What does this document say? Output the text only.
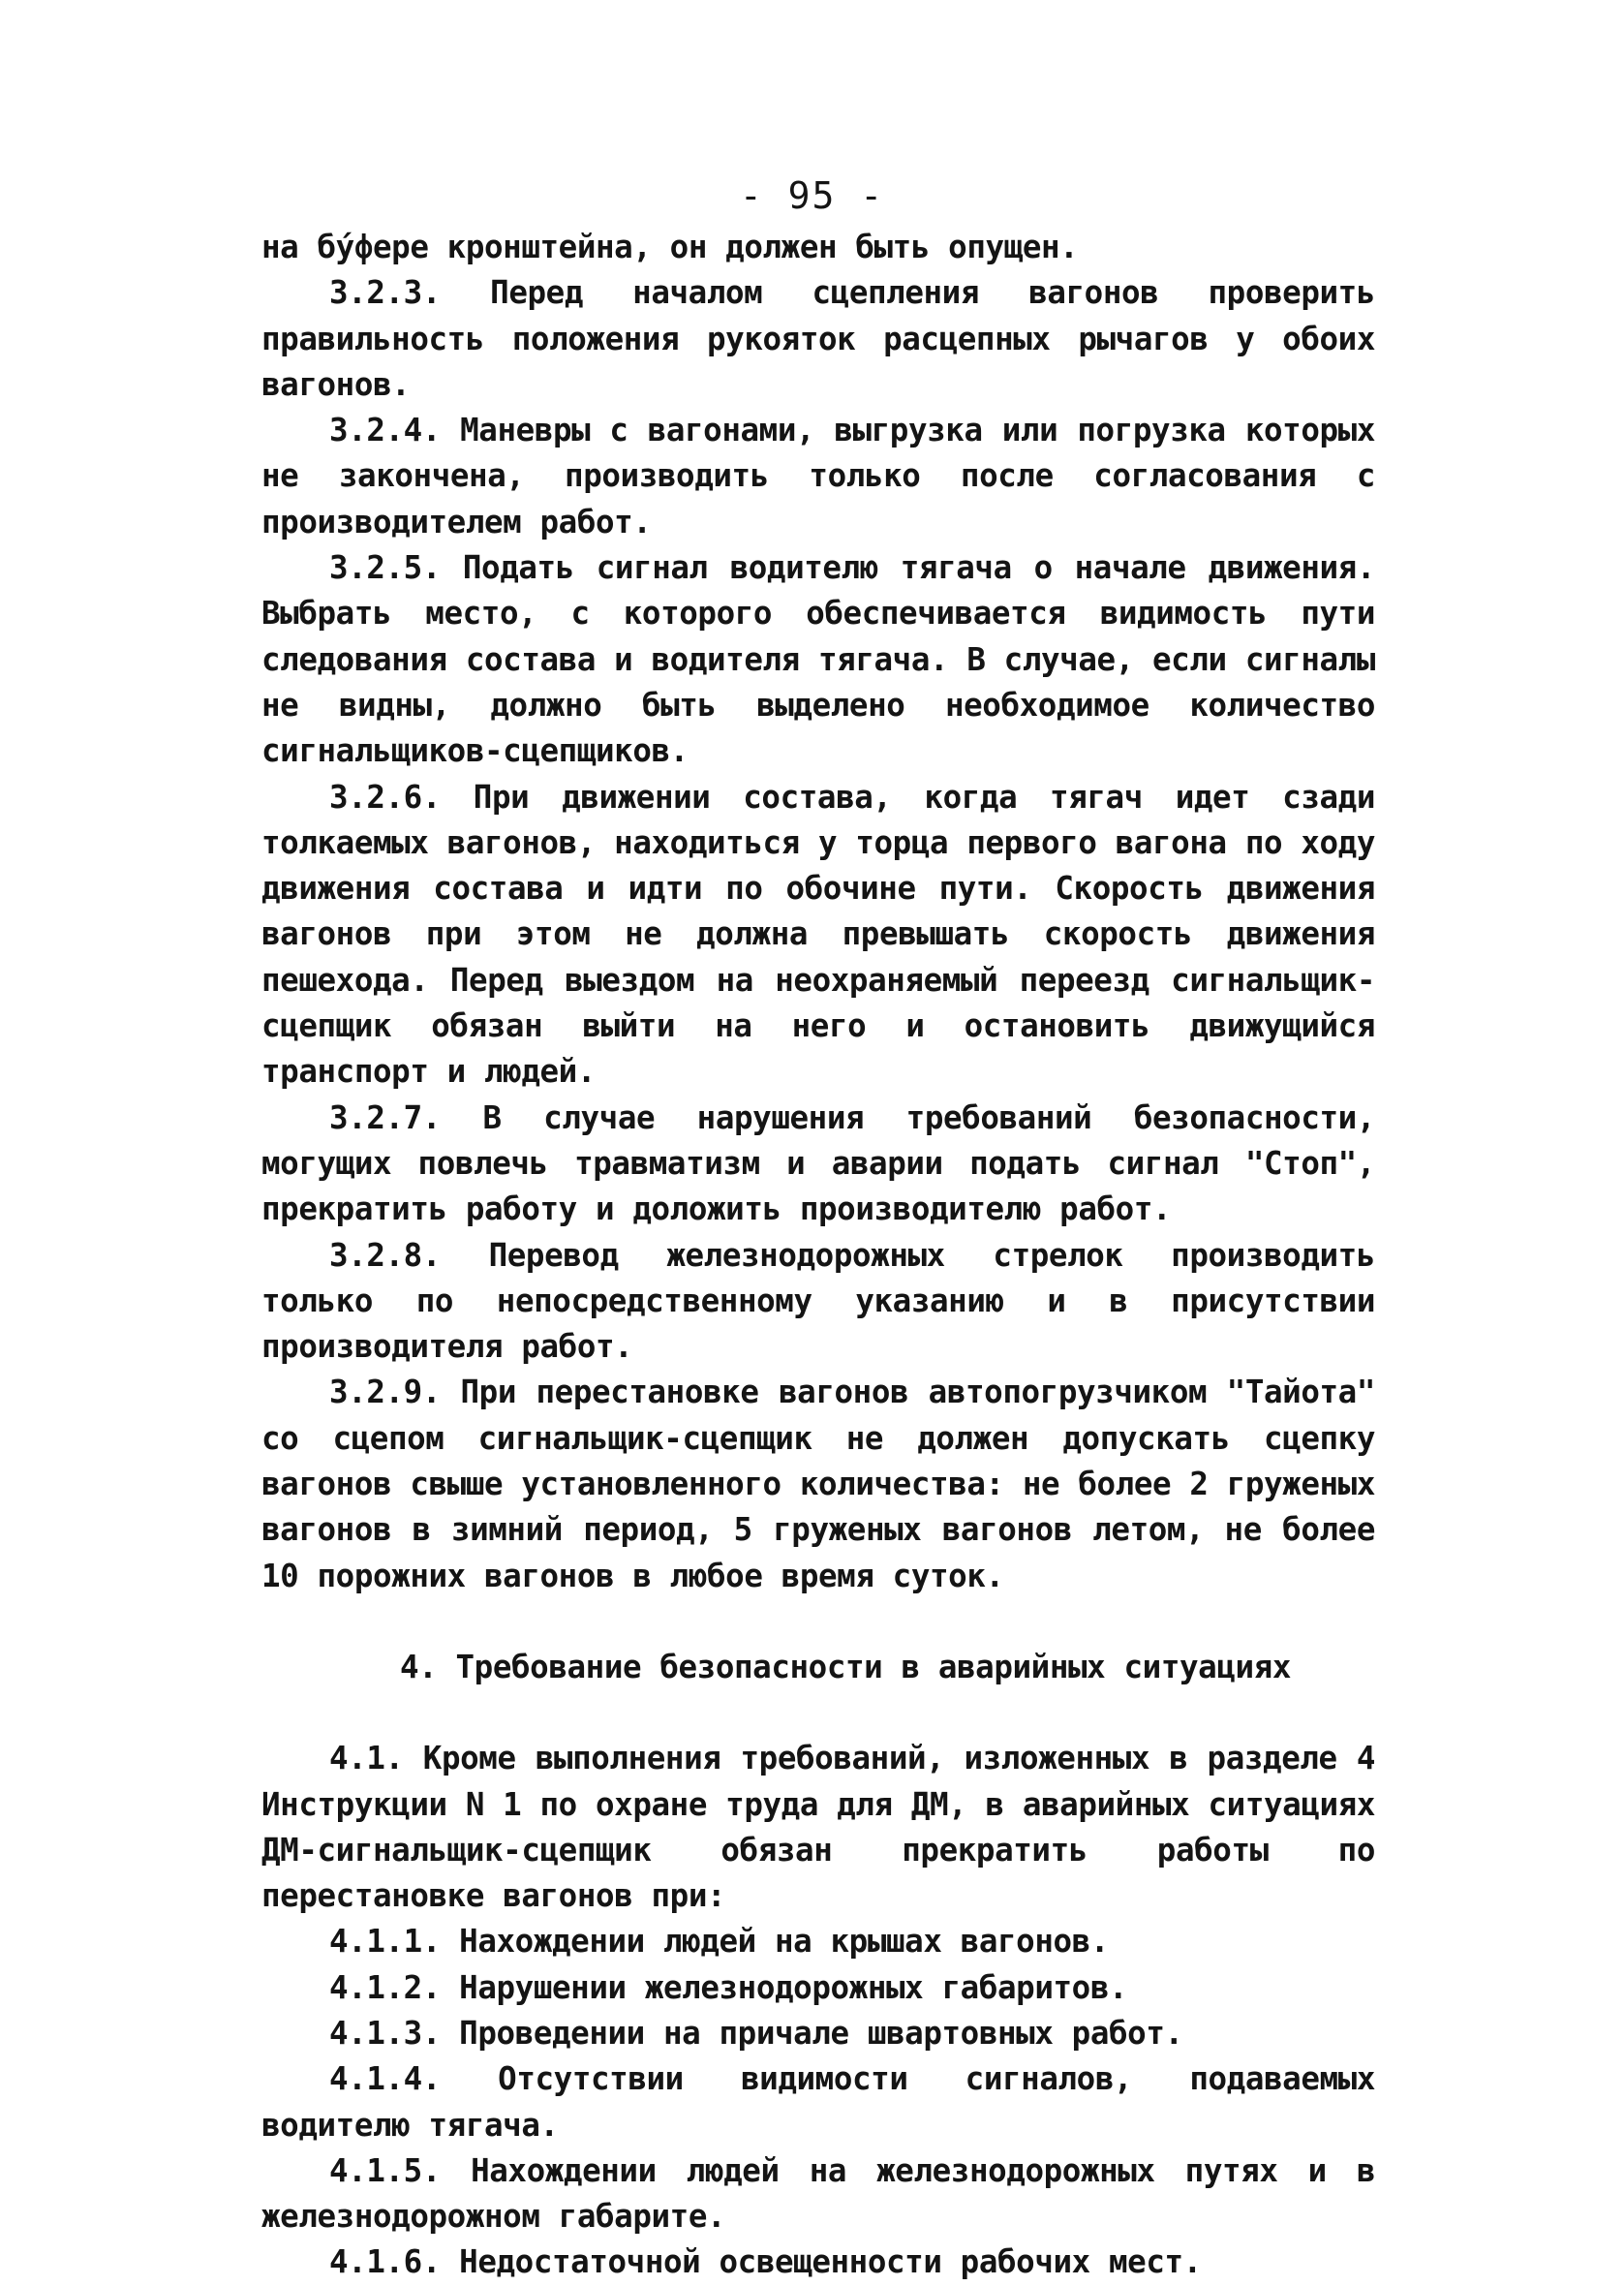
- 95 -

на бýфере кронштейна, он должен быть опущен.

3.2.3. Перед началом сцепления вагонов проверить правильность положения рукояток расцепных рычагов у обоих вагонов.

3.2.4. Маневры с вагонами, выгрузка или погрузка которых не закончена, производить только после согласования с производителем работ.

3.2.5. Подать сигнал водителю тягача о начале движения. Выбрать место, с которого обеспечивается видимость пути следования состава и водителя тягача. В случае, если сигналы не видны, должно быть выделено необходимое количество сигнальщиков-сцепщиков.

3.2.6. При движении состава, когда тягач идет сзади толкаемых вагонов, находиться у торца первого вагона по ходу движения состава и идти по обочине пути. Скорость движения вагонов при этом не должна превышать скорость движения пешехода. Перед выездом на неохраняемый переезд сигнальщик-сцепщик обязан выйти на него и остановить движущийся транспорт и людей.

3.2.7. В случае нарушения требований безопасности, могущих повлечь травматизм и аварии подать сигнал "Стоп", прекратить работу и доложить производителю работ.

3.2.8. Перевод железнодорожных стрелок производить только по непосредственному указанию и в присутствии производителя работ.

3.2.9. При перестановке вагонов автопогрузчиком "Тайота" со сцепом сигнальщик-сцепщик не должен допускать сцепку вагонов свыше установленного количества: не более 2 груженых вагонов в зимний период, 5 груженых вагонов летом, не более 10 порожних вагонов в любое время суток.

4. Требование безопасности в аварийных ситуациях

4.1. Кроме выполнения требований, изложенных в разделе 4 Инструкции N 1 по охране труда для ДМ, в аварийных ситуациях ДМ-сигнальщик-сцепщик обязан прекратить работы по перестановке вагонов при:

4.1.1. Нахождении людей на крышах вагонов.

4.1.2. Нарушении железнодорожных габаритов.

4.1.3. Проведении на причале швартовных работ.

4.1.4. Отсутствии видимости сигналов, подаваемых водителю тягача.

4.1.5. Нахождении людей на железнодорожных путях и в железнодорожном габарите.

4.1.6. Недостаточной освещенности рабочих мест.
